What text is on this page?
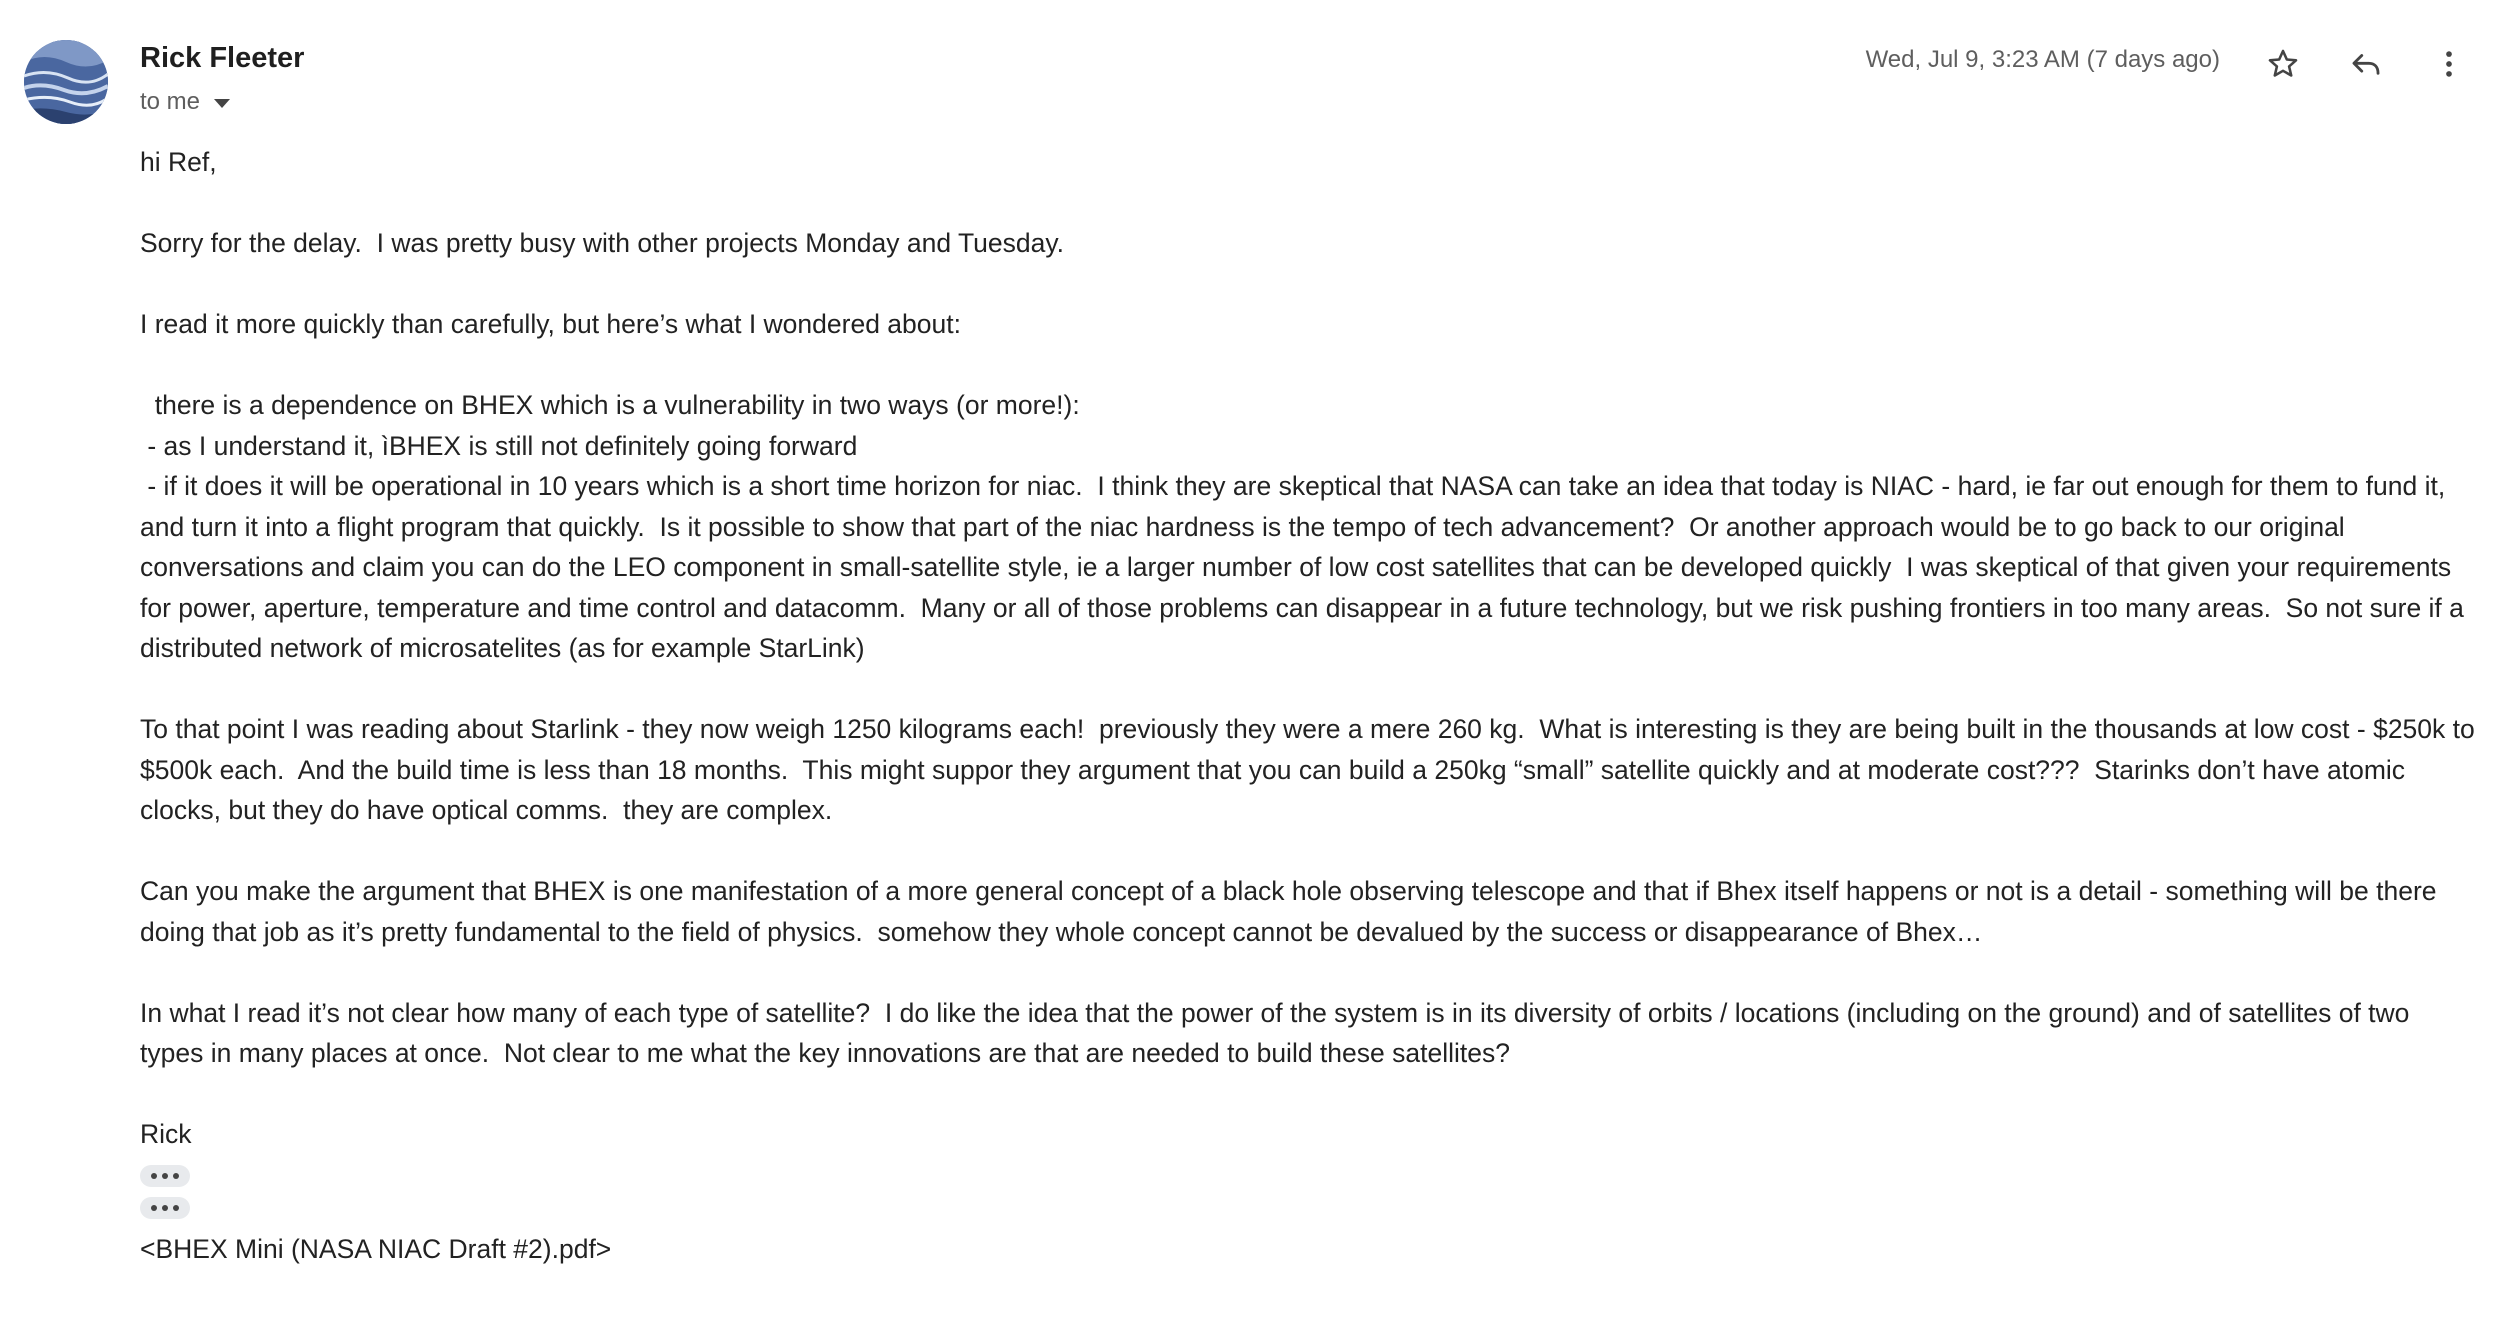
Rick Fleeter
to me
Wed, Jul 9, 3:23 AM (7 days ago)

hi Ref,

Sorry for the delay.  I was pretty busy with other projects Monday and Tuesday.

I read it more quickly than carefully, but here’s what I wondered about:

there is a dependence on BHEX which is a vulnerability in two ways (or more!):

- as I understand it, ìBHEX is still not definitely going forward

- if it does it will be operational in 10 years which is a short time horizon for niac.  I think they are skeptical that NASA can take an idea that today is NIAC - hard, ie far out enough for them to fund it, and turn it into a flight program that quickly.  Is it possible to show that part of the niac hardness is the tempo of tech advancement?  Or another approach would be to go back to our original conversations and claim you can do the LEO component in small-satellite style, ie a larger number of low cost satellites that can be developed quickly  I was skeptical of that given your requirements for power, aperture, temperature and time control and datacomm.  Many or all of those problems can disappear in a future technology, but we risk pushing frontiers in too many areas.  So not sure if a distributed network of microsatelites (as for example StarLink)

To that point I was reading about Starlink - they now weigh 1250 kilograms each!  previously they were a mere 260 kg.  What is interesting is they are being built in the thousands at low cost - $250k to $500k each.  And the build time is less than 18 months.  This might suppor they argument that you can build a 250kg “small” satellite quickly and at moderate cost???  Starinks don’t have atomic clocks, but they do have optical comms.  they are complex.

Can you make the argument that BHEX is one manifestation of a more general concept of a black hole observing telescope and that if Bhex itself happens or not is a detail - something will be there doing that job as it’s pretty fundamental to the field of physics.  somehow they whole concept cannot be devalued by the success or disappearance of Bhex…

In what I read it’s not clear how many of each type of satellite?  I do like the idea that the power of the system is in its diversity of orbits / locations (including on the ground) and of satellites of two types in many places at once.  Not clear to me what the key innovations are that are needed to build these satellites?

Rick

<BHEX Mini (NASA NIAC Draft #2).pdf>
